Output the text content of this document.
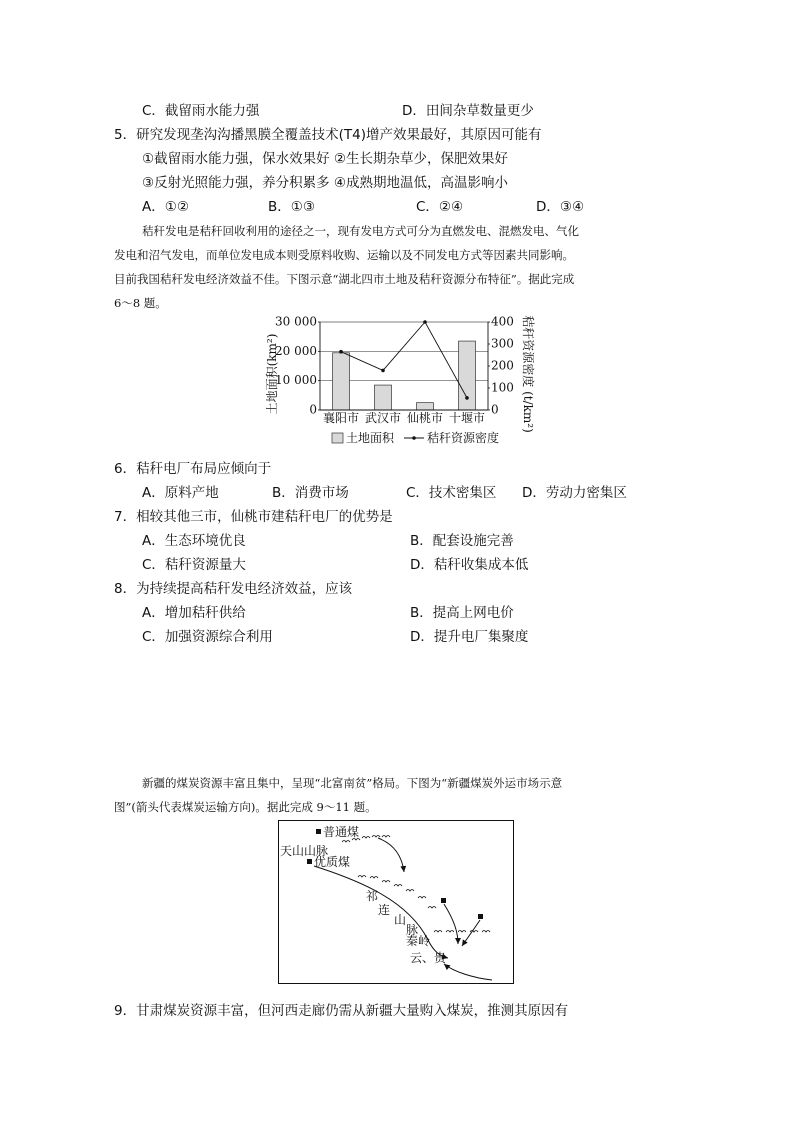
C．截留雨水能力强	D．田间杂草数量更少
5．研究发现垄沟沟播黑膜全覆盖技术(T4)增产效果最好，其原因可能有
①截留雨水能力强，保水效果好 ②生长期杂草少，保肥效果好
③反射光照能力强，养分积累多 ④成熟期地温低，高温影响小
A．①②	B．①③	C．②④	D．③④
秸秆发电是秸秆回收利用的途径之一，现有发电方式可分为直燃发电、混燃发电、气化
发电和沼气发电，而单位发电成本则受原料收购、运输以及不同发电方式等因素共同影响。
目前我国秸秆发电经济效益不佳。下图示意“湖北四市土地及秸秆资源分布特征”。据此完成
6～8 题。
0
10 000
20 000
30 000
0
100
200
300
400
襄阳市 武汉市 仙桃市 十堰市
土地面积(km²)	秸秆资源密度 (t/km²)
土地面积	秸秆资源密度
6．秸秆电厂布局应倾向于
A．原料产地	B．消费市场	C．技术密集区 D．劳动力密集区
7．相较其他三市，仙桃市建秸秆电厂的优势是
A．生态环境优良	B．配套设施完善
C．秸秆资源量大	D．秸秆收集成本低
8．为持续提高秸秆发电经济效益，应该
A．增加秸秆供给	B．提高上网电价
C．加强资源综合利用	D．提升电厂集聚度
新疆的煤炭资源丰富且集中，呈现“北富南贫”格局。下图为“新疆煤炭外运市场示意
图”(箭头代表煤炭运输方向)。据此完成 9～11 题。
普通煤
天山山脉
优质煤
祁
连
山
脉
秦岭
云、贵
9．甘肃煤炭资源丰富，但河西走廊仍需从新疆大量购入煤炭，推测其原因有
